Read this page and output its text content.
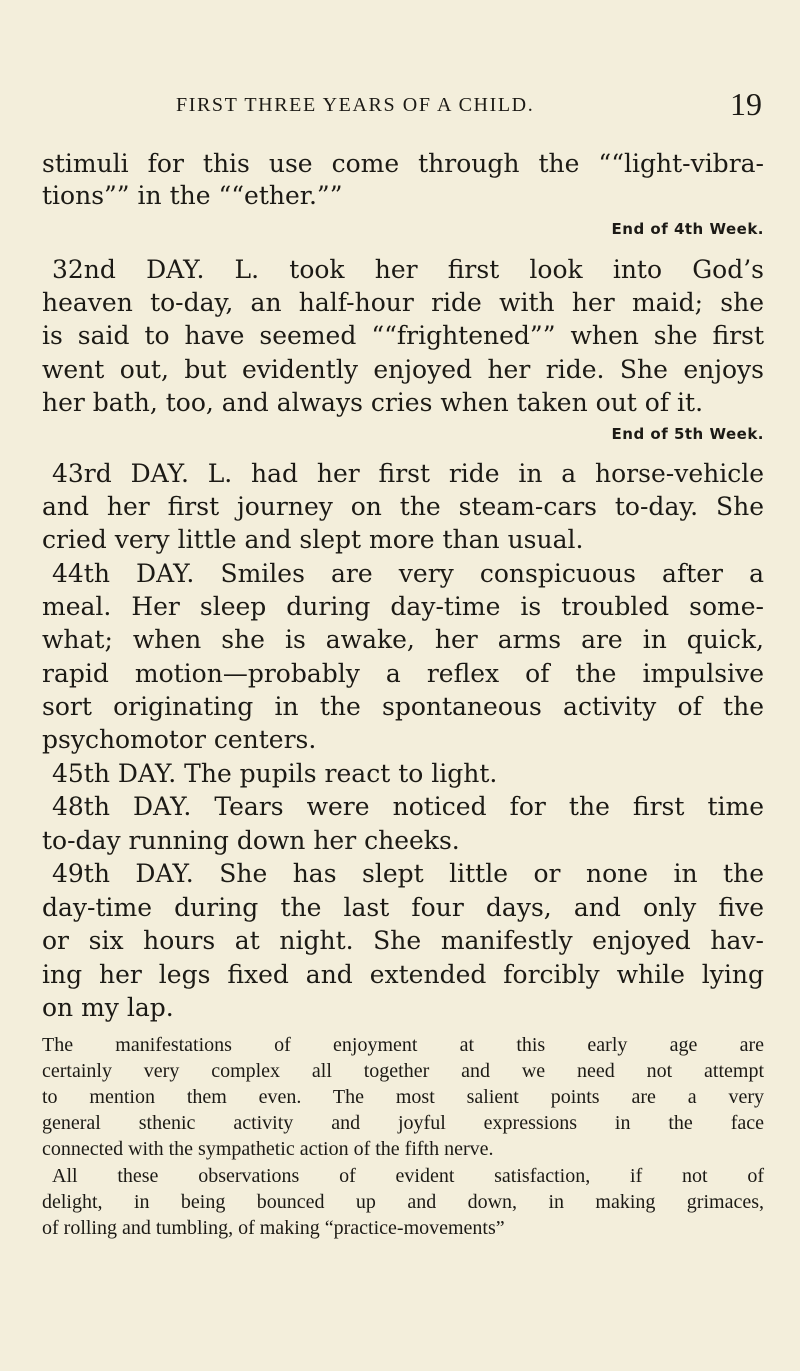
FIRST THREE YEARS OF A CHILD.	19
stimuli for this use come through the ““light-vibra-
tions”” in the ““ether.””
End of 4th Week.
32nd DAY. L. took her first look into God’s
heaven to-day, an half-hour ride with her maid; she
is said to have seemed ““frightened”” when she first
went out, but evidently enjoyed her ride. She enjoys
her bath, too, and always cries when taken out of it.
End of 5th Week.
43rd DAY. L. had her first ride in a horse-vehicle
and her first journey on the steam-cars to-day. She
cried very little and slept more than usual.
44th DAY. Smiles are very conspicuous after a
meal. Her sleep during day-time is troubled some-
what; when she is awake, her arms are in quick,
rapid motion—probably a reflex of the impulsive
sort originating in the spontaneous activity of the
psychomotor centers.
45th DAY. The pupils react to light.
48th DAY. Tears were noticed for the first time
to-day running down her cheeks.
49th DAY. She has slept little or none in the
day-time during the last four days, and only five
or six hours at night. She manifestly enjoyed hav-
ing her legs fixed and extended forcibly while lying
on my lap.
The manifestations of enjoyment at this early age are
certainly very complex all together and we need not attempt
to mention them even. The most salient points are a very
general sthenic activity and joyful expressions in the face
connected with the sympathetic action of the fifth nerve.
All these observations of evident satisfaction, if not of
delight, in being bounced up and down, in making grimaces,
of rolling and tumbling, of making “practice-movements”
